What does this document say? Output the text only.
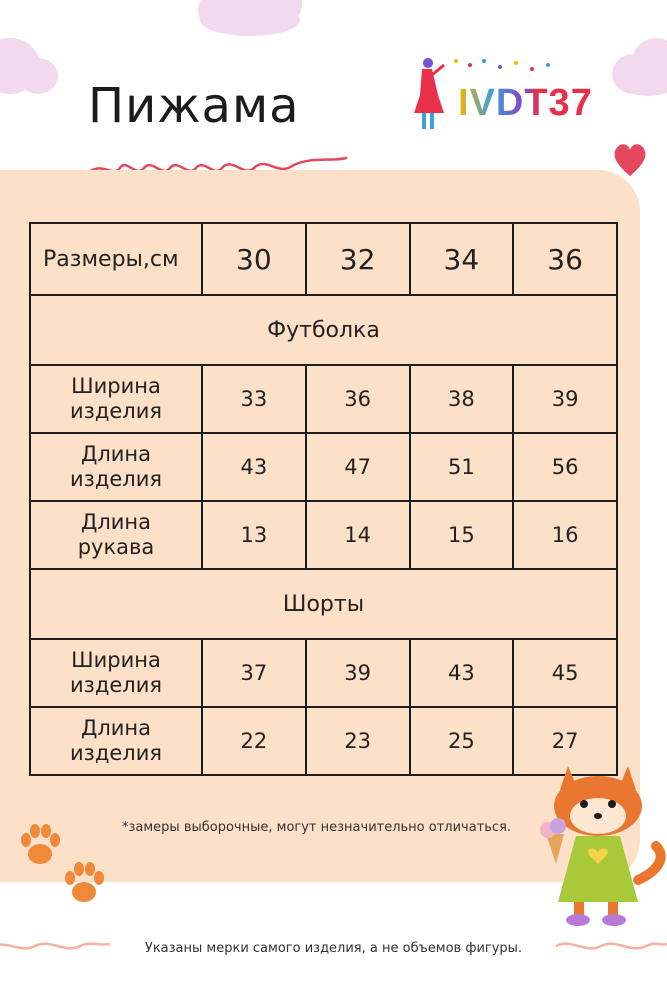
Пижама	IVDT37
Размеры,см	30	32	34	36
Футболка				
Ширина
изделия	33	36	38	39
Длина
изделия	43	47	51	56
Длина
рукава	13	14	15	16
Шорты				
Ширина
изделия	37	39	43	45
Длина
изделия	22	23	25	27
*замеры выборочные, могут незначительно отличаться.
Указаны мерки самого изделия, а не объемов фигуры.
